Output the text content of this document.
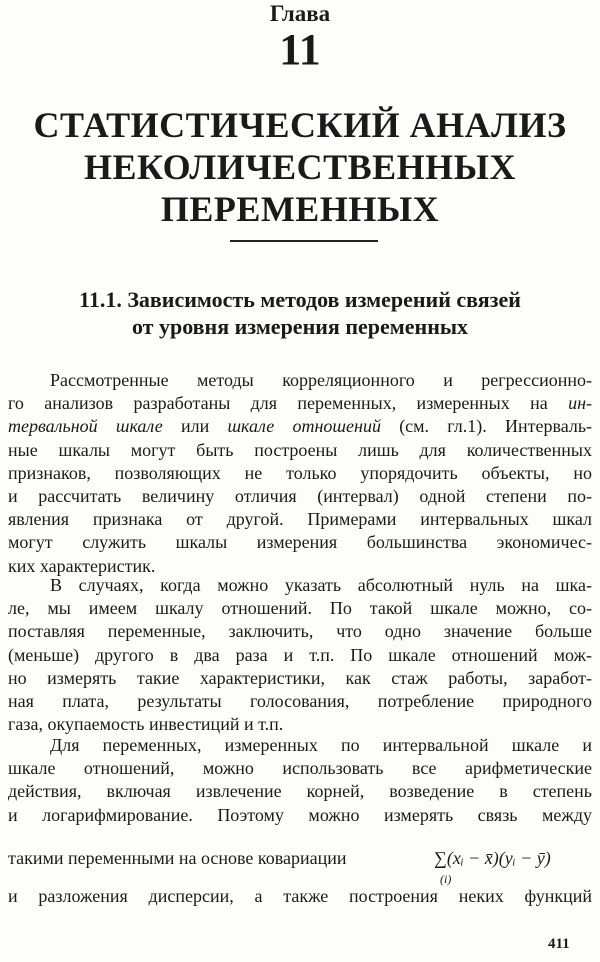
Глава
11
СТАТИСТИЧЕСКИЙ АНАЛИЗ
НЕКОЛИЧЕСТВЕННЫХ
ПЕРЕМЕННЫХ
11.1. Зависимость методов измерений связей
от уровня измерения переменных
Рассмотренные методы корреляционного и регрессионно-
го анализов разработаны для переменных, измеренных на ин-
тервальной шкале или шкале отношений (см. гл.1). Интерваль-
ные шкалы могут быть построены лишь для количественных
признаков, позволяющих не только упорядочить объекты, но
и рассчитать величину отличия (интервал) одной степени по-
явления признака от другой. Примерами интервальных шкал
могут служить шкалы измерения большинства экономичес-
ких характеристик.
В случаях, когда можно указать абсолютный нуль на шка-
ле, мы имеем шкалу отношений. По такой шкале можно, со-
поставляя переменные, заключить, что одно значение больше
(меньше) другого в два раза и т.п. По шкале отношений мож-
но измерять такие характеристики, как стаж работы, заработ-
ная плата, результаты голосования, потребление природного
газа, окупаемость инвестиций и т.п.
Для переменных, измеренных по интервальной шкале и
шкале отношений, можно использовать все арифметические
действия, включая извлечение корней, возведение в степень
и логарифмирование. Поэтому можно измерять связь между
такими переменными на основе ковариации	∑(xᵢ − x̄)(yᵢ − ȳ)
(i)
и разложения дисперсии, а также построения неких функций
411
